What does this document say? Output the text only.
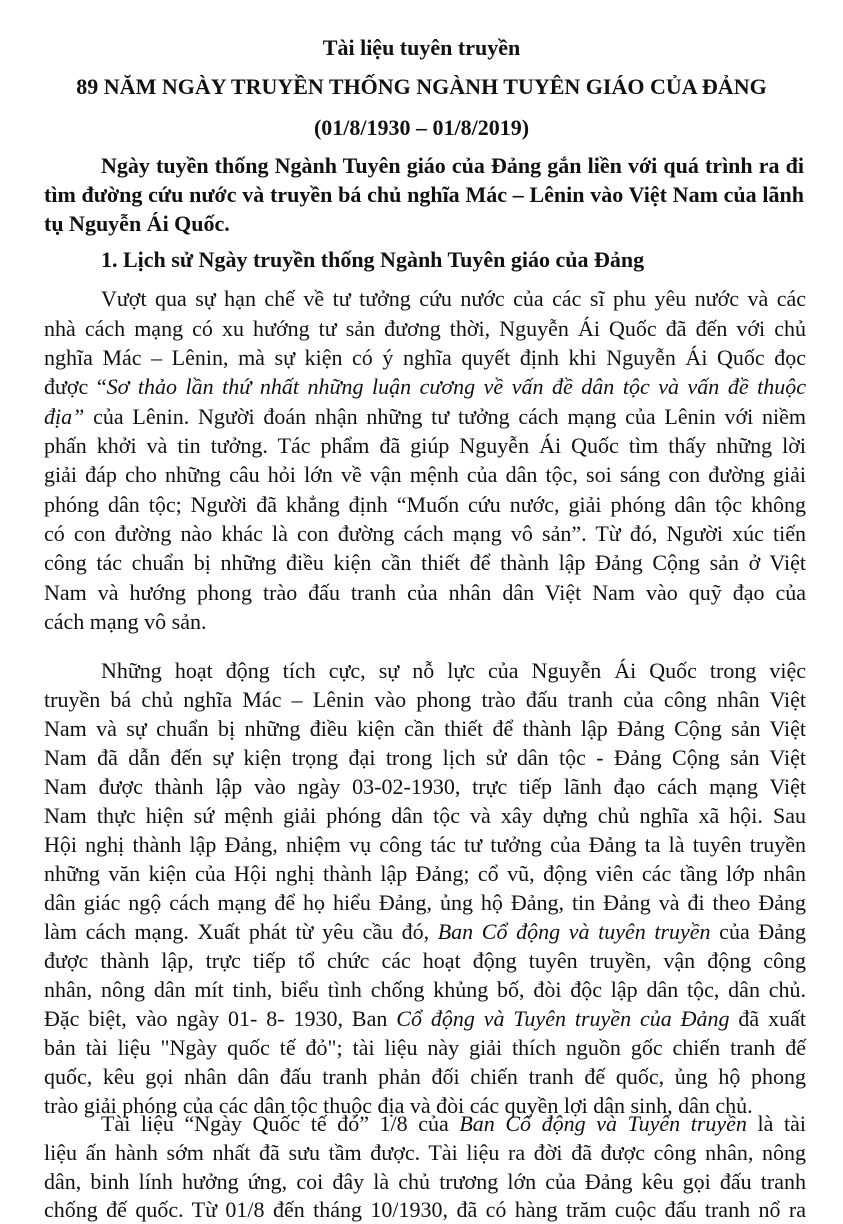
Tài liệu tuyên truyền
89 NĂM NGÀY TRUYỀN THỐNG NGÀNH TUYÊN GIÁO CỦA ĐẢNG
(01/8/1930 – 01/8/2019)
Ngày tuyền thống Ngành Tuyên giáo của Đảng gắn liền với quá trình ra đi tìm đường cứu nước và truyền bá chủ nghĩa Mác – Lênin vào Việt Nam của lãnh tụ Nguyễn Ái Quốc.
1. Lịch sử Ngày truyền thống Ngành Tuyên giáo của Đảng
Vượt qua sự hạn chế về tư tưởng cứu nước của các sĩ phu yêu nước và các
nhà cách mạng có xu hướng tư sản đương thời, Nguyễn Ái Quốc đã đến với chủ
nghĩa Mác – Lênin, mà sự kiện có ý nghĩa quyết định khi Nguyễn Ái Quốc đọc
được “Sơ thảo lần thứ nhất những luận cương về vấn đề dân tộc và vấn đề thuộc
địa” của Lênin. Người đoán nhận những tư tưởng cách mạng của Lênin với niềm
phấn khởi và tin tưởng. Tác phẩm đã giúp Nguyễn Ái Quốc tìm thấy những lời
giải đáp cho những câu hỏi lớn về vận mệnh của dân tộc, soi sáng con đường giải
phóng dân tộc; Người đã khẳng định “Muốn cứu nước, giải phóng dân tộc không
có con đường nào khác là con đường cách mạng vô sản”. Từ đó, Người xúc tiến
công tác chuẩn bị những điều kiện cần thiết để thành lập Đảng Cộng sản ở Việt
Nam và hướng phong trào đấu tranh của nhân dân Việt Nam vào quỹ đạo của
cách mạng vô sản.
Những hoạt động tích cực, sự nỗ lực của Nguyễn Ái Quốc trong việc
truyền bá chủ nghĩa Mác – Lênin vào phong trào đấu tranh của công nhân Việt
Nam và sự chuẩn bị những điều kiện cần thiết để thành lập Đảng Cộng sản Việt
Nam đã dẫn đến sự kiện trọng đại trong lịch sử dân tộc - Đảng Cộng sản Việt
Nam được thành lập vào ngày 03-02-1930, trực tiếp lãnh đạo cách mạng Việt
Nam thực hiện sứ mệnh giải phóng dân tộc và xây dựng chủ nghĩa xã hội. Sau
Hội nghị thành lập Đảng, nhiệm vụ công tác tư tưởng của Đảng ta là tuyên truyền
những văn kiện của Hội nghị thành lập Đảng; cổ vũ, động viên các tầng lớp nhân
dân giác ngộ cách mạng để họ hiểu Đảng, ủng hộ Đảng, tin Đảng và đi theo Đảng
làm cách mạng. Xuất phát từ yêu cầu đó, Ban Cổ động và tuyên truyền của Đảng
được thành lập, trực tiếp tổ chức các hoạt động tuyên truyền, vận động công
nhân, nông dân mít tinh, biểu tình chống khủng bố, đòi độc lập dân tộc, dân chủ.
Đặc biệt, vào ngày 01- 8- 1930, Ban Cổ động và Tuyên truyền của Đảng đã xuất
bản tài liệu "Ngày quốc tế đỏ"; tài liệu này giải thích nguồn gốc chiến tranh đế
quốc, kêu gọi nhân dân đấu tranh phản đối chiến tranh đế quốc, ủng hộ phong
trào giải phóng của các dân tộc thuộc địa và đòi các quyền lợi dân sinh, dân chủ.
Tài liệu “Ngày Quốc tế đỏ” 1/8 của Ban Cổ động và Tuyên truyền là tài
liệu ấn hành sớm nhất đã sưu tầm được. Tài liệu ra đời đã được công nhân, nông
dân, binh lính hưởng ứng, coi đây là chủ trương lớn của Đảng kêu gọi đấu tranh
chống đế quốc. Từ 01/8 đến tháng 10/1930, đã có hàng trăm cuộc đấu tranh nổ ra
